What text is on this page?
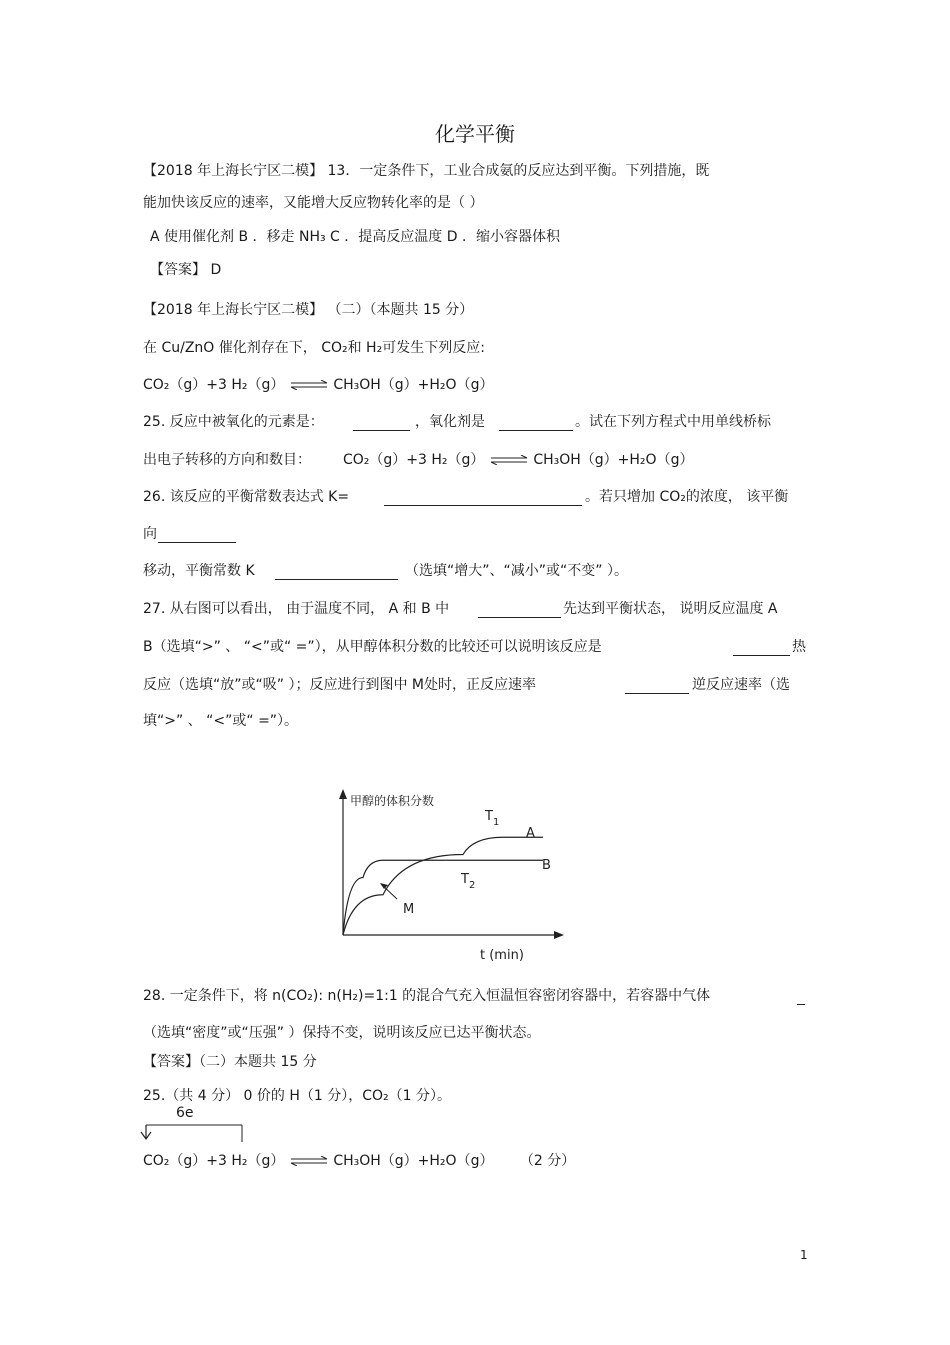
化学平衡
【2018 年上海长宁区二模】 13．一定条件下，工业合成氨的反应达到平衡。下列措施，既
能加快该反应的速率，又能增大反应物转化率的是（ ）
A 使用催化剂 B ．移走 NH₃ C ．提高反应温度 D ．缩小容器体积
【答案】 D
【2018 年上海长宁区二模】 （二）（本题共 15 分）
在 Cu/ZnO 催化剂存在下， CO₂和 H₂可发生下列反应:
CO₂（g）+3 H₂（g） ⇌ CH₃OH（g）+H₂O（g）
25. 反应中被氧化的元素是：	，氧化剂是	。试在下列方程式中用单线桥标
出电子转移的方向和数目： CO₂（g）+3 H₂（g） ⇌ CH₃OH（g）+H₂O（g）
26. 该反应的平衡常数表达式 K=	。若只增加 CO₂的浓度， 该平衡
向
移动，平衡常数 K	（选填“增大”、“减小”或“不变” ）。
27. 从右图可以看出， 由于温度不同， A 和 B 中	先达到平衡状态， 说明反应温度 A
B（选填“>” 、 “<”或“ =”），从甲醇体积分数的比较还可以说明该反应是	热
反应（选填“放”或“吸” ）；反应进行到图中 M处时，正反应速率	逆反应速率（选
填“>” 、 “<”或“ =”）。
甲醇的体积分数
t (min)
$T_1$
A
$T_2$
B
M
28. 一定条件下，将 n(CO₂): n(H₂)=1:1 的混合气充入恒温恒容密闭容器中，若容器中气体
（选填“密度”或“压强” ）保持不变，说明该反应已达平衡状态。
【答案】（二）本题共 15 分
25.（共 4 分） 0 价的 H（1 分），CO₂（1 分）。
6e
CO₂（g）+3 H₂（g） ⇌ CH₃OH（g）+H₂O（g） （2 分）
1
